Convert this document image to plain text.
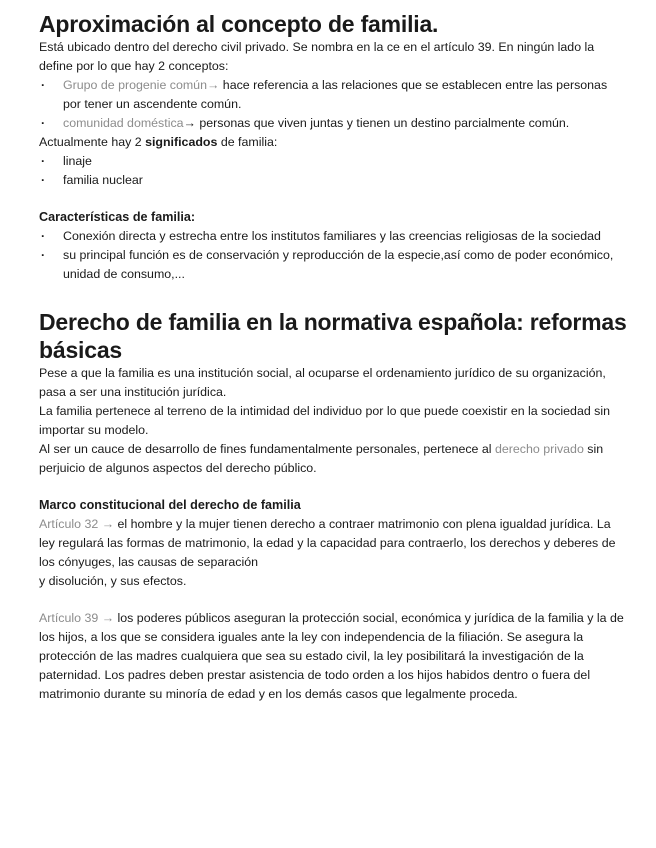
Aproximación al concepto de familia.

Está ubicado dentro del derecho civil privado. Se nombra en la ce en el artículo 39. En ningún lado la define por lo que hay 2 conceptos:

· Grupo de progenie común→ hace referencia a las relaciones que se establecen entre las personas por tener un ascendente común.
· comunidad doméstica→ personas que viven juntas y tienen un destino parcialmente común.

Actualmente hay 2 significados de familia:

· linaje
· familia nuclear

Características de familia:

· Conexión directa y estrecha entre los institutos familiares y las creencias religiosas de la sociedad
· su principal función es de conservación y reproducción de la especie,así como de poder económico, unidad de consumo,...
Derecho de familia en la normativa española: reformas básicas

Pese a que la familia es una institución social, al ocuparse el ordenamiento jurídico de su organización, pasa a ser una institución jurídica.

La familia pertenece al terreno de la intimidad del individuo por lo que puede coexistir en la sociedad sin importar su modelo.

Al ser un cauce de desarrollo de fines fundamentalmente personales, pertenece al derecho privado sin perjuicio de algunos aspectos del derecho público.

Marco constitucional del derecho de familia

Artículo 32 → el hombre y la mujer tienen derecho a contraer matrimonio con plena igualdad jurídica. La ley regulará las formas de matrimonio, la edad y la capacidad para contraerlo, los derechos y deberes de los cónyuges, las causas de separación

y disolución, y sus efectos.

Artículo 39 → los poderes públicos aseguran la protección social, económica y jurídica de la familia y la de los hijos, a los que se considera iguales ante la ley con independencia de la filiación. Se asegura la protección de las madres cualquiera que sea su estado civil, la ley posibilitará la investigación de la paternidad. Los padres deben prestar asistencia de todo orden a los hijos habidos dentro o fuera del matrimonio durante su minoría de edad y en los demás casos que legalmente proceda.
